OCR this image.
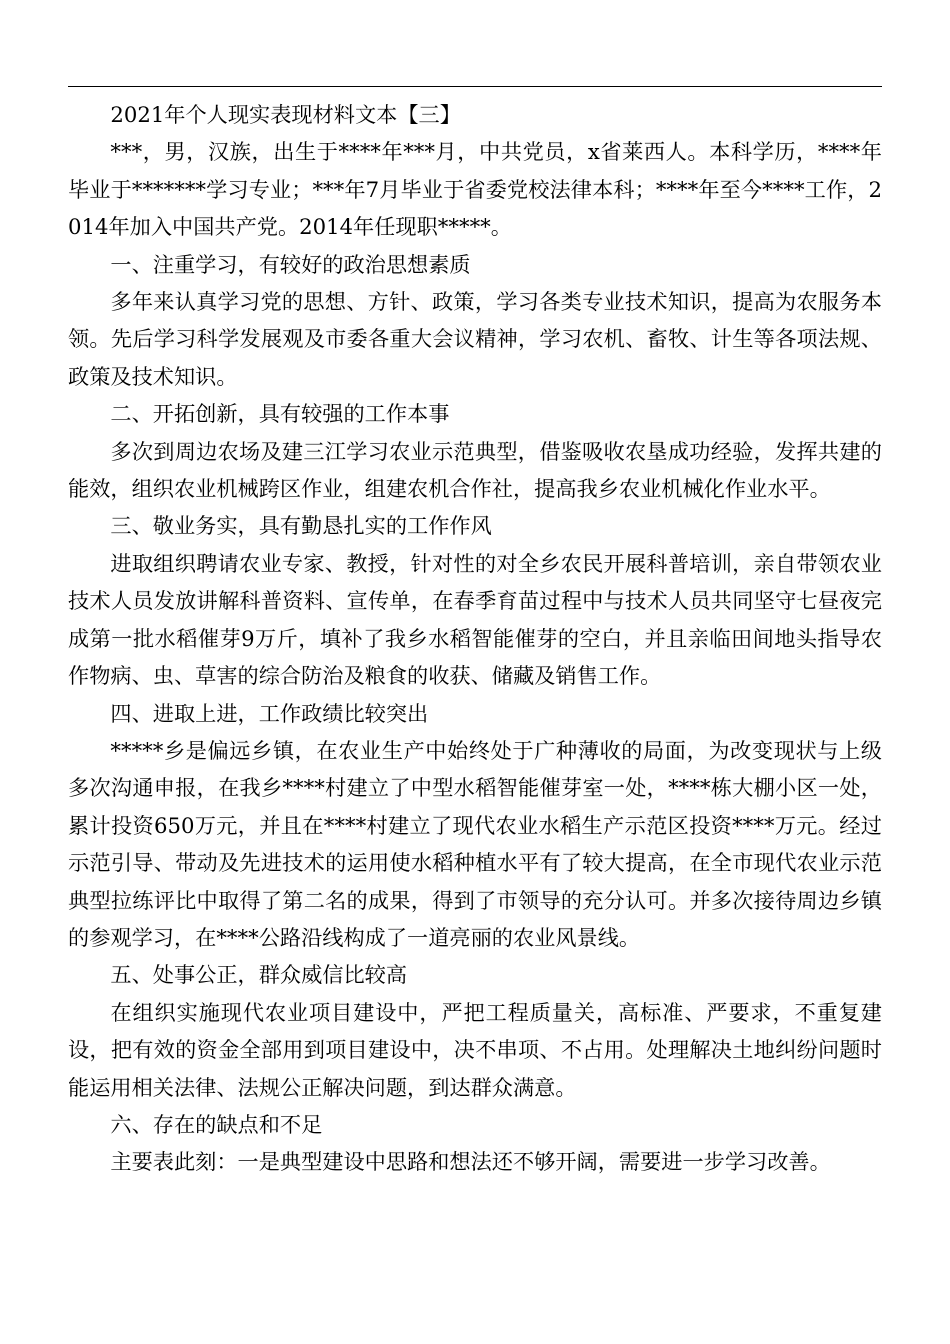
2021年个人现实表现材料文本【三】

***，男，汉族，出生于****年***月，中共党员，x省莱西人。本科学历，****年毕业于*******学习专业；***年7月毕业于省委党校法律本科；****年至今****工作，2014年加入中国共产党。2014年任现职*****。

一、注重学习，有较好的政治思想素质

多年来认真学习党的思想、方针、政策，学习各类专业技术知识，提高为农服务本领。先后学习科学发展观及市委各重大会议精神，学习农机、畜牧、计生等各项法规、政策及技术知识。

二、开拓创新，具有较强的工作本事

多次到周边农场及建三江学习农业示范典型，借鉴吸收农垦成功经验，发挥共建的能效，组织农业机械跨区作业，组建农机合作社，提高我乡农业机械化作业水平。

三、敬业务实，具有勤恳扎实的工作作风

进取组织聘请农业专家、教授，针对性的对全乡农民开展科普培训，亲自带领农业技术人员发放讲解科普资料、宣传单，在春季育苗过程中与技术人员共同坚守七昼夜完成第一批水稻催芽9万斤，填补了我乡水稻智能催芽的空白，并且亲临田间地头指导农作物病、虫、草害的综合防治及粮食的收获、储藏及销售工作。

四、进取上进，工作政绩比较突出

*****乡是偏远乡镇，在农业生产中始终处于广种薄收的局面，为改变现状与上级多次沟通申报，在我乡****村建立了中型水稻智能催芽室一处，****栋大棚小区一处，累计投资650万元，并且在****村建立了现代农业水稻生产示范区投资****万元。经过示范引导、带动及先进技术的运用使水稻种植水平有了较大提高，在全市现代农业示范典型拉练评比中取得了第二名的成果，得到了市领导的充分认可。并多次接待周边乡镇的参观学习，在****公路沿线构成了一道亮丽的农业风景线。

五、处事公正，群众威信比较高

在组织实施现代农业项目建设中，严把工程质量关，高标准、严要求，不重复建设，把有效的资金全部用到项目建设中，决不串项、不占用。处理解决土地纠纷问题时能运用相关法律、法规公正解决问题，到达群众满意。

六、存在的缺点和不足

主要表此刻：一是典型建设中思路和想法还不够开阔，需要进一步学习改善。
